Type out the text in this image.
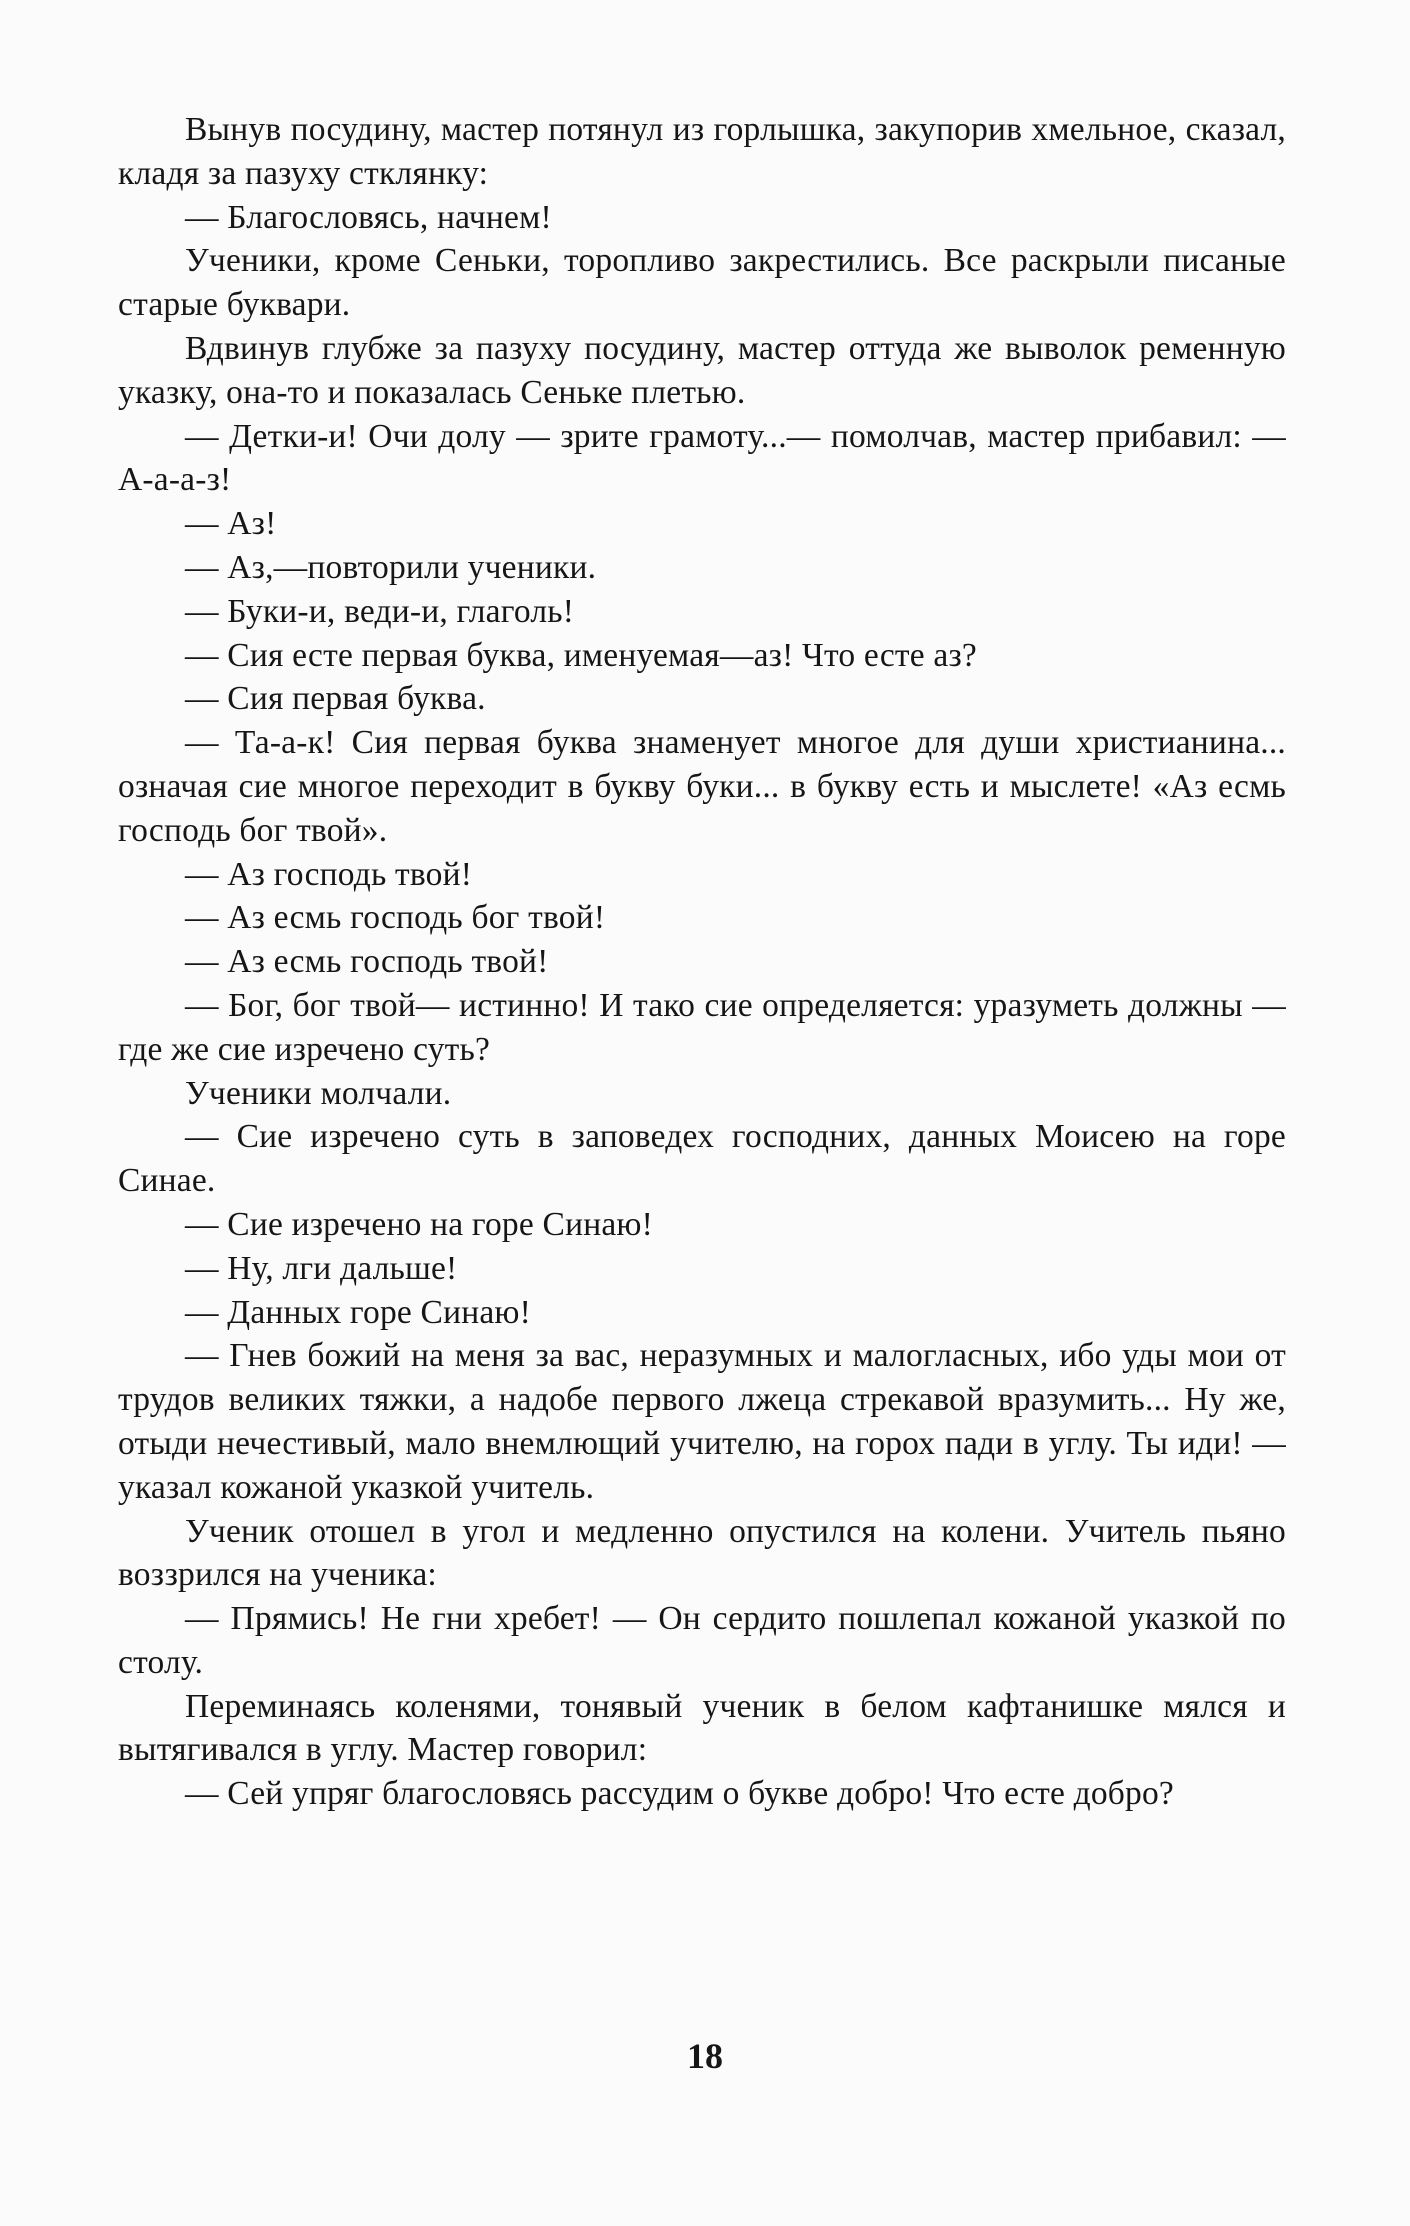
Вынув посудину, мастер потянул из горлышка, закупорив хмельное, сказал, кладя за пазуху стклянку:

— Благословясь, начнем!

Ученики, кроме Сеньки, торопливо закрестились. Все раскрыли писаные старые буквари.

Вдвинув глубже за пазуху посудину, мастер оттуда же выволок ременную указку, она-то и показалась Сеньке плетью.

— Детки-и! Очи долу — зрите грамоту...— помолчав, мастер прибавил: —А-а-а-з!

— Аз!

— Аз,—повторили ученики.

— Буки-и, веди-и, глаголь!

— Сия есте первая буква, именуемая—аз! Что есте аз?

— Сия первая буква.

— Та-а-к! Сия первая буква знаменует многое для души христианина... означая сие многое переходит в букву буки... в букву есть и мыслете! «Аз есмь господь бог твой».

— Аз господь твой!

— Аз есмь господь бог твой!

— Аз есмь господь твой!

— Бог, бог твой— истинно! И тако сие определяется: уразуметь должны — где же сие изречено суть?

Ученики молчали.

— Сие изречено суть в заповедех господних, данных Моисею на горе Синае.

— Сие изречено на горе Синаю!

— Ну, лги дальше!

— Данных горе Синаю!

— Гнев божий на меня за вас, неразумных и малогласных, ибо уды мои от трудов великих тяжки, а надобе первого лжеца стрекавой вразумить... Ну же, отыди нечестивый, мало внемлющий учителю, на горох пади в углу. Ты иди! — указал кожаной указкой учитель.

Ученик отошел в угол и медленно опустился на колени. Учитель пьяно воззрился на ученика:

— Прямись! Не гни хребет! — Он сердито пошлепал кожаной указкой по столу.

Переминаясь коленями, тонявый ученик в белом кафтанишке мялся и вытягивался в углу. Мастер говорил:

— Сей упряг благословясь рассудим о букве добро! Что есте добро?

18
